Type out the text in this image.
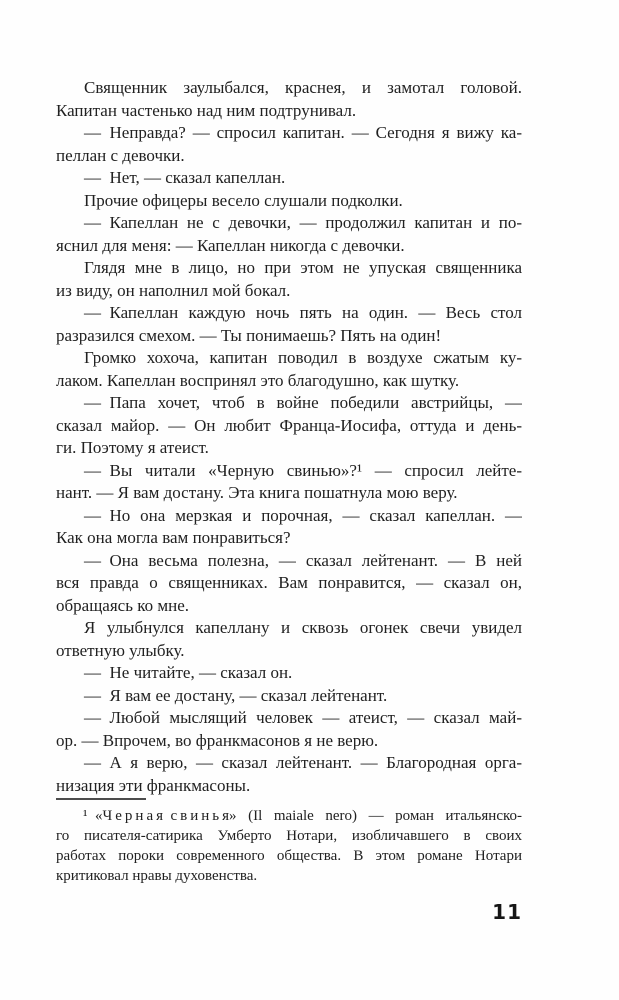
Священник заулыбался, краснея, и замотал головой.
Капитан частенько над ним подтрунивал.
— Неправда? — спросил капитан. — Сегодня я вижу ка-
пеллан с девочки.
— Нет, — сказал капеллан.
Прочие офицеры весело слушали подколки.
— Капеллан не с девочки, — продолжил капитан и по-
яснил для меня: — Капеллан никогда с девочки.
Глядя мне в лицо, но при этом не упуская священника
из виду, он наполнил мой бокал.
— Капеллан каждую ночь пять на один. — Весь стол
разразился смехом. — Ты понимаешь? Пять на один!
Громко хохоча, капитан поводил в воздухе сжатым ку-
лаком. Капеллан воспринял это благодушно, как шутку.
— Папа хочет, чтоб в войне победили австрийцы, —
сказал майор. — Он любит Франца-Иосифа, оттуда и день-
ги. Поэтому я атеист.
— Вы читали «Черную свинью»?¹ — спросил лейте-
нант. — Я вам достану. Эта книга пошатнула мою веру.
— Но она мерзкая и порочная, — сказал капеллан. —
Как она могла вам понравиться?
— Она весьма полезна, — сказал лейтенант. — В ней
вся правда о священниках. Вам понравится, — сказал он,
обращаясь ко мне.
Я улыбнулся капеллану и сквозь огонек свечи увидел
ответную улыбку.
— Не читайте, — сказал он.
— Я вам ее достану, — сказал лейтенант.
— Любой мыслящий человек — атеист, — сказал май-
ор. — Впрочем, во франкмасонов я не верю.
— А я верю, — сказал лейтенант. — Благородная орга-
низация эти франкмасоны.
¹ «Ч е р н а я с в и н ь я» (Il maiale nero) — роман итальянско-
го писателя-сатирика Умберто Нотари, изобличавшего в своих
работах пороки современного общества. В этом романе Нотари
критиковал нравы духовенства.
11
